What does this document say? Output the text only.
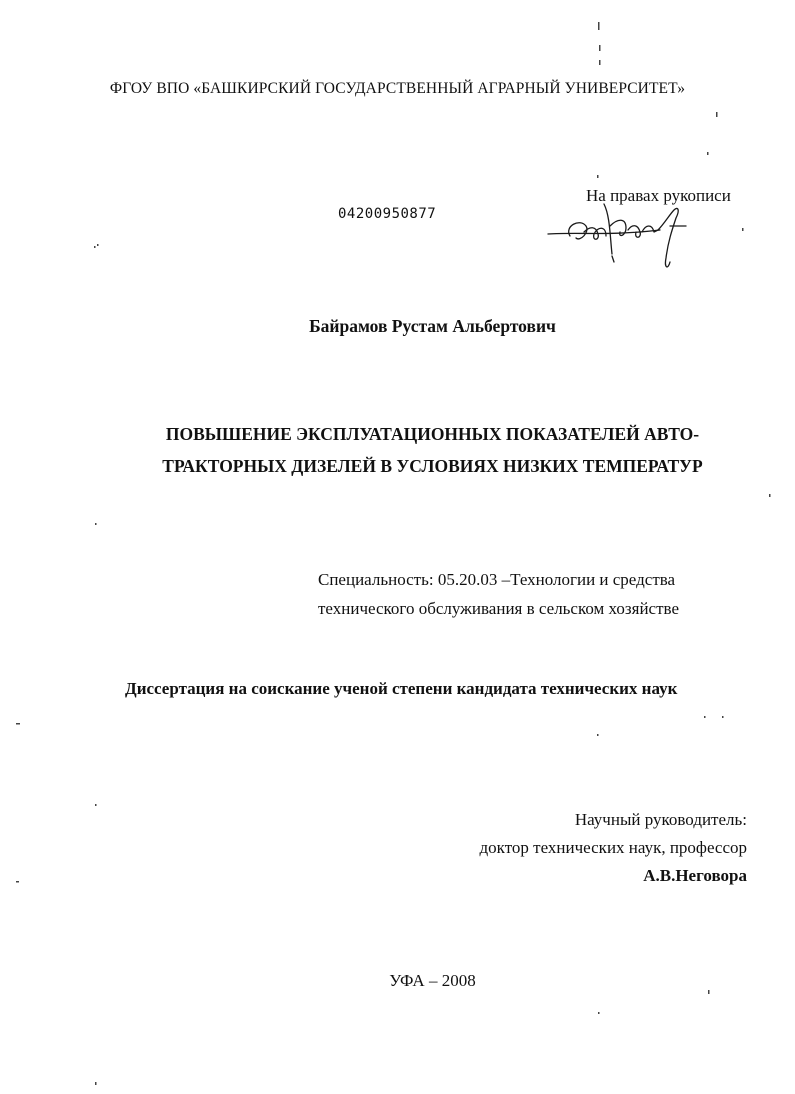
ФГОУ ВПО «БАШКИРСКИЙ ГОСУДАРСТВЕННЫЙ АГРАРНЫЙ УНИВЕРСИТЕТ»
04200950877
На правах рукописи
Байрамов Рустам Альбертович
ПОВЫШЕНИЕ ЭКСПЛУАТАЦИОННЫХ ПОКАЗАТЕЛЕЙ АВТО-
ТРАКТОРНЫХ ДИЗЕЛЕЙ В УСЛОВИЯХ НИЗКИХ ТЕМПЕРАТУР
Специальность: 05.20.03 –Технологии и средства
технического обслуживания в сельском хозяйстве
Диссертация на соискание ученой степени кандидата технических наук
Научный руководитель:
доктор технических наук, профессор
А.В.Неговора
УФА – 2008
